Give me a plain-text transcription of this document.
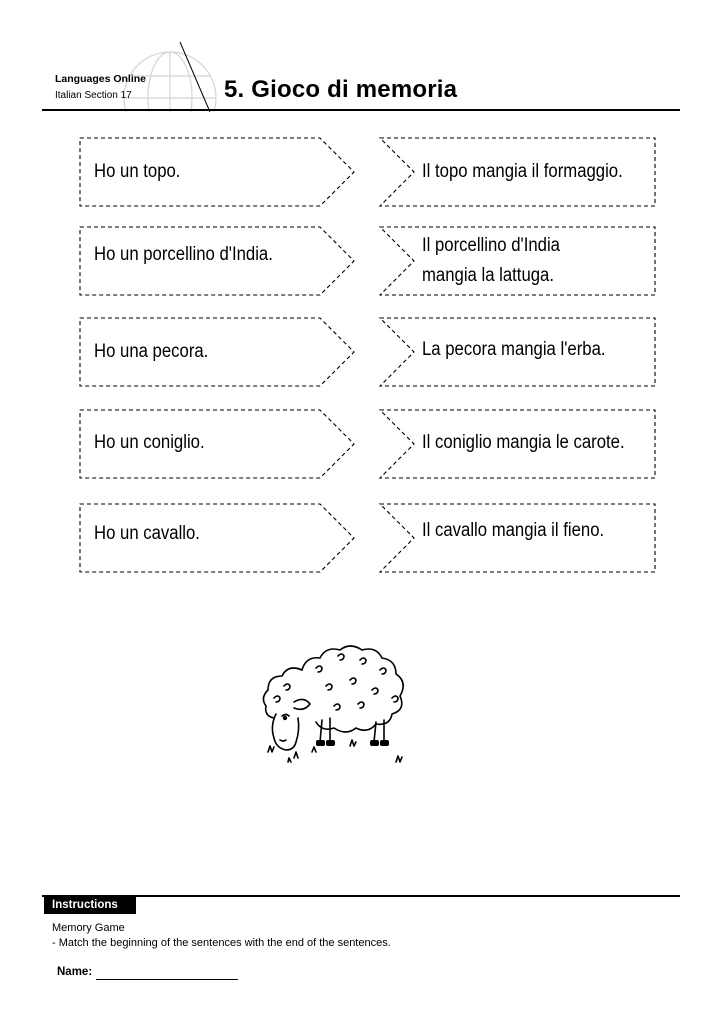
Languages Online
Italian Section 17	5. Gioco di memoria
Ho un topo.
Ho un porcellino d'India.
Ho una pecora.
Ho un coniglio.
Ho un cavallo.
Il topo mangia il formaggio.
Il porcellino d'India
mangia la lattuga.
La pecora mangia l'erba.
Il coniglio mangia le carote.
Il cavallo mangia il fieno.
Instructions
Memory Game
- Match the beginning of the sentences with the end of the sentences.
Name:
